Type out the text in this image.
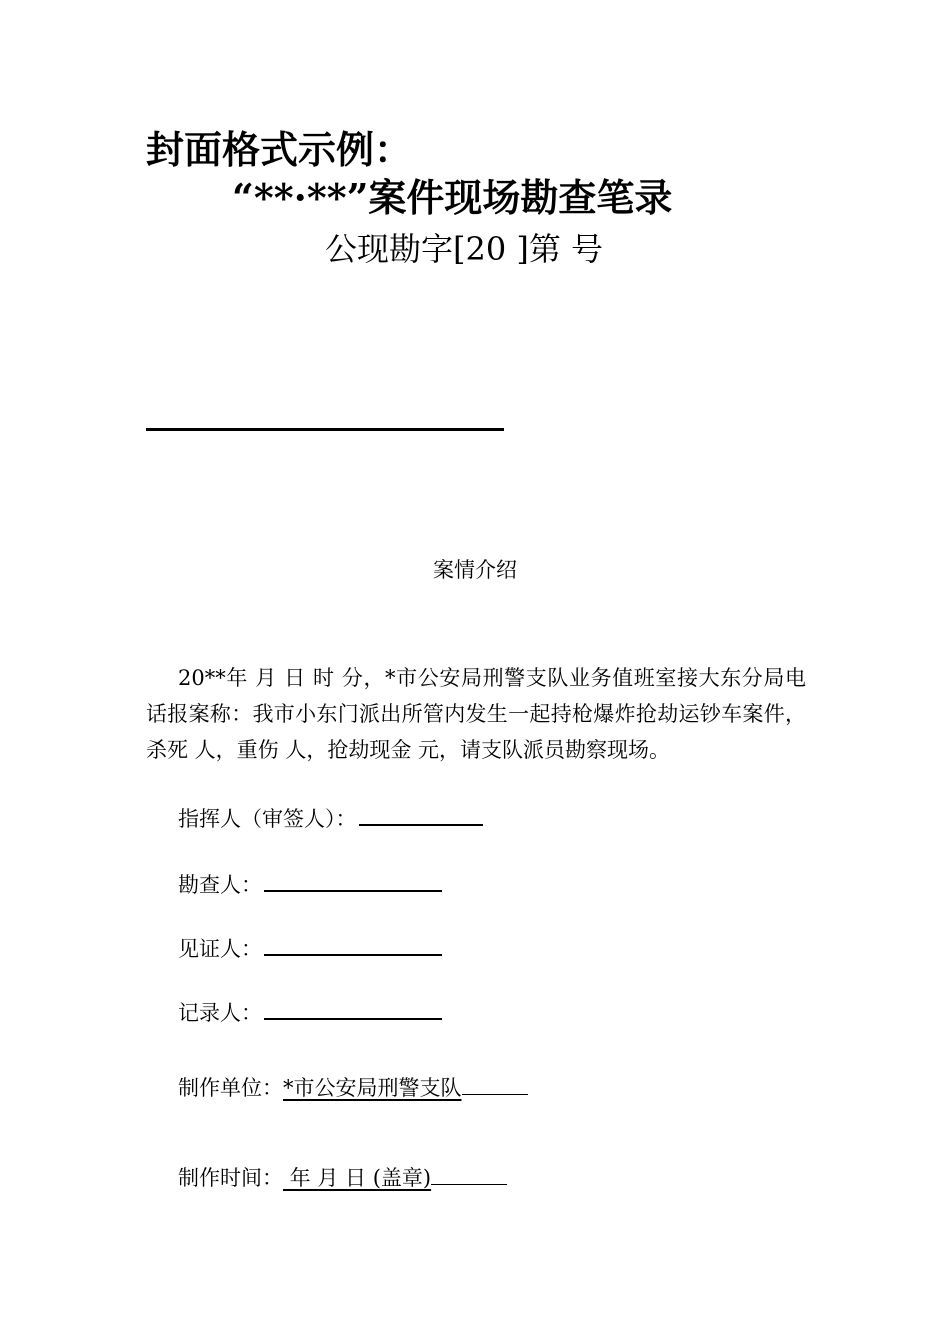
封面格式示例：
“**·**”案件现场勘查笔录
公现勘字[20 ]第 号
案情介绍
20**年 月 日 时 分，*市公安局刑警支队业务值班室接大东分局电话报案称：我市小东门派出所管内发生一起持枪爆炸抢劫运钞车案件，杀死 人，重伤 人，抢劫现金 元，请支队派员勘察现场。
指挥人（审签人）：
勘查人：
见证人：
记录人：
制作单位：*市公安局刑警支队
制作时间： 年 月 日 (盖章)
